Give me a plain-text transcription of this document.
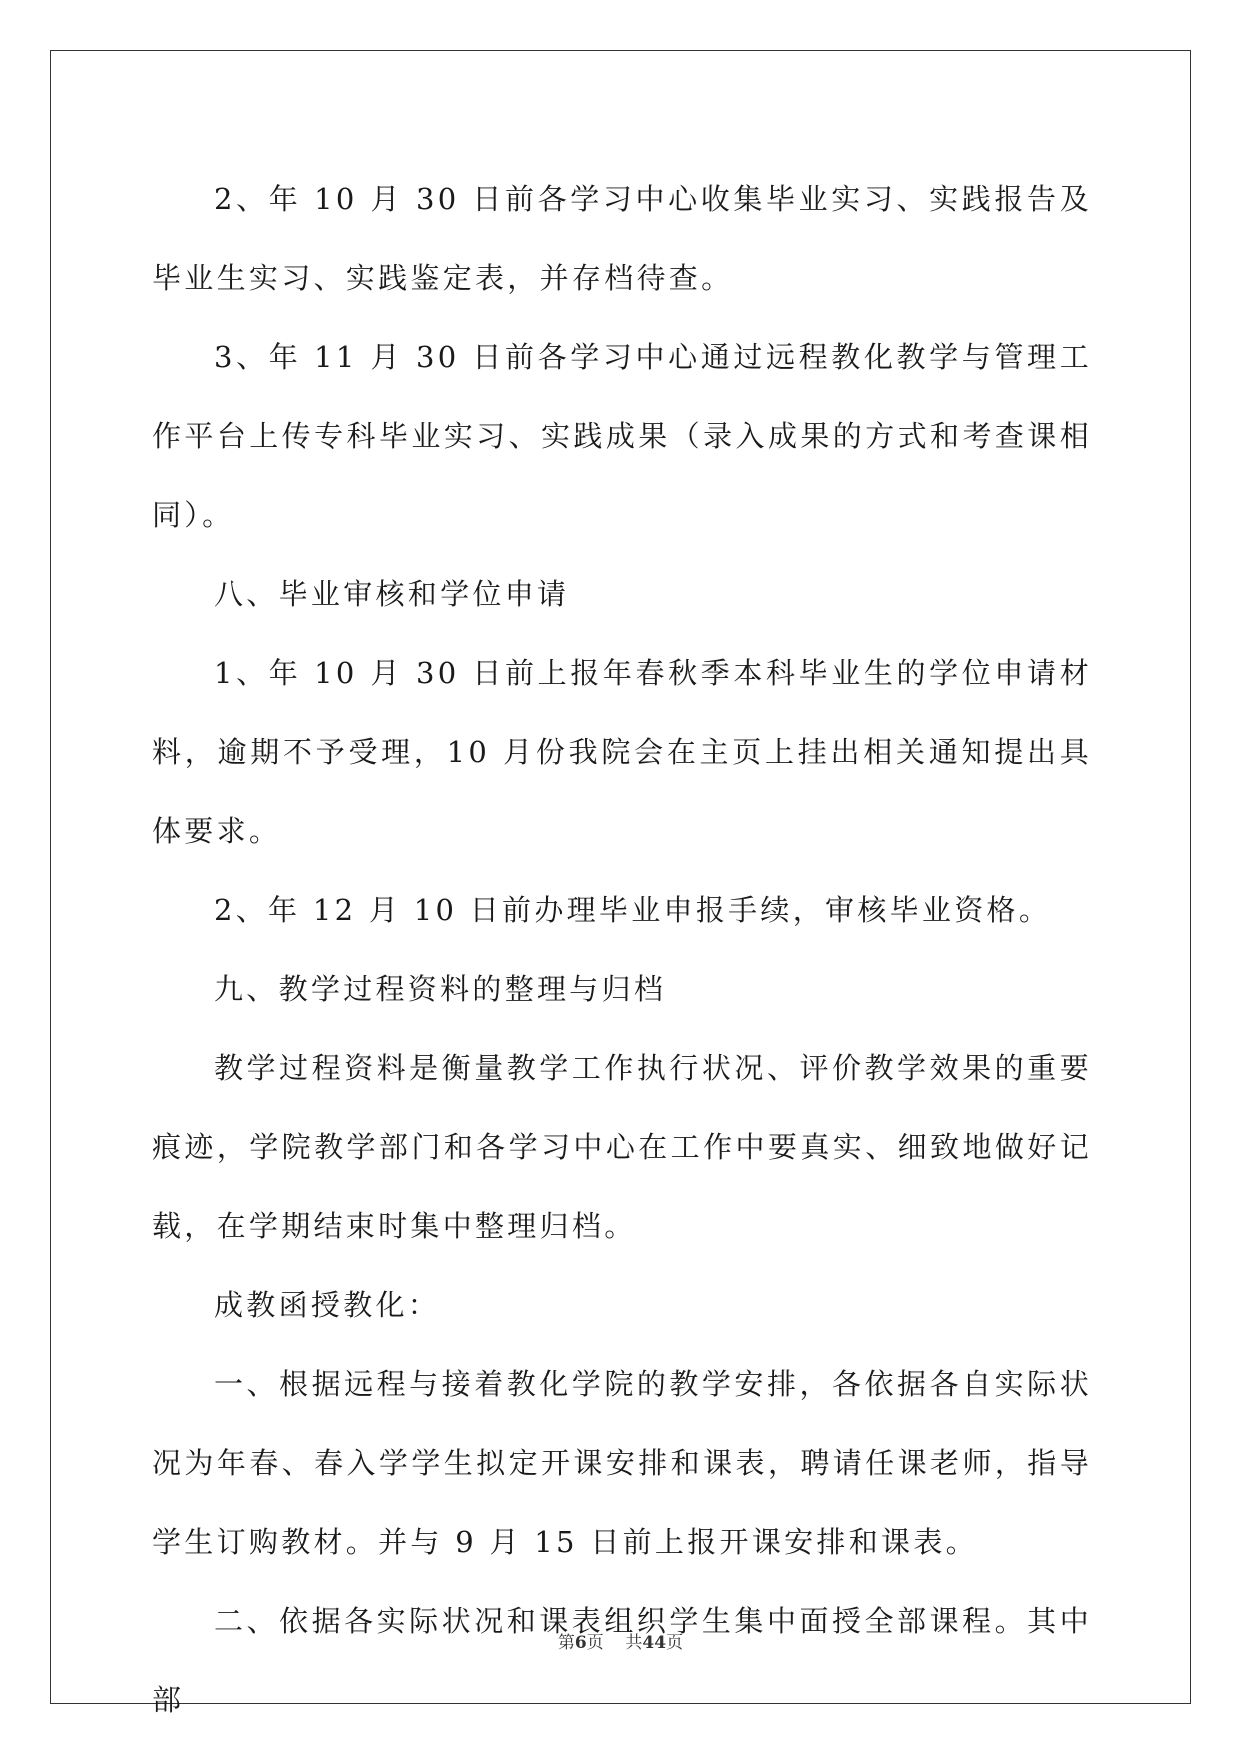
2、年 10 月 30 日前各学习中心收集毕业实习、实践报告及毕业生实习、实践鉴定表，并存档待查。

3、年 11 月 30 日前各学习中心通过远程教化教学与管理工作平台上传专科毕业实习、实践成果（录入成果的方式和考查课相同）。

八、毕业审核和学位申请

1、年 10 月 30 日前上报年春秋季本科毕业生的学位申请材料，逾期不予受理，10 月份我院会在主页上挂出相关通知提出具体要求。

2、年 12 月 10 日前办理毕业申报手续，审核毕业资格。

九、教学过程资料的整理与归档

教学过程资料是衡量教学工作执行状况、评价教学效果的重要痕迹，学院教学部门和各学习中心在工作中要真实、细致地做好记载，在学期结束时集中整理归档。

成教函授教化：

一、根据远程与接着教化学院的教学安排，各依据各自实际状况为年春、春入学学生拟定开课安排和课表，聘请任课老师，指导学生订购教材。并与 9 月 15 日前上报开课安排和课表。

二、依据各实际状况和课表组织学生集中面授全部课程。其中部

第6页 共44页
